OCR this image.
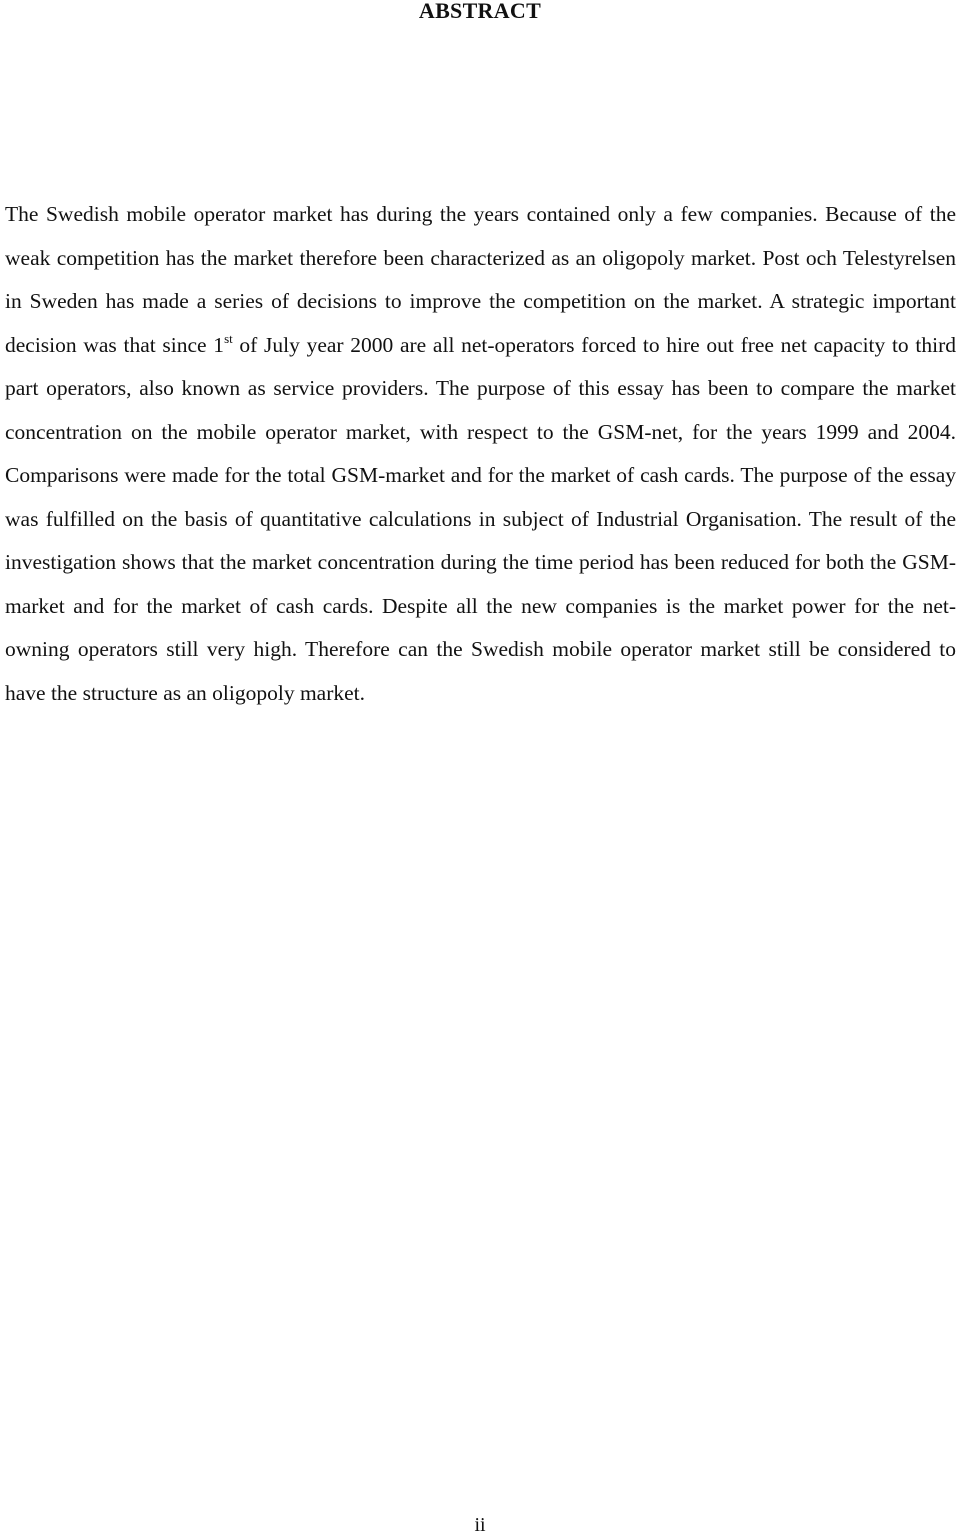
ABSTRACT

The Swedish mobile operator market has during the years contained only a few companies. Because of the weak competition has the market therefore been characterized as an oligopoly market. Post och Telestyrelsen in Sweden has made a series of decisions to improve the competition on the market. A strategic important decision was that since 1st of July year 2000 are all net-operators forced to hire out free net capacity to third part operators, also known as service providers. The purpose of this essay has been to compare the market concentration on the mobile operator market, with respect to the GSM-net, for the years 1999 and 2004. Comparisons were made for the total GSM-market and for the market of cash cards. The purpose of the essay was fulfilled on the basis of quantitative calculations in subject of Industrial Organisation. The result of the investigation shows that the market concentration during the time period has been reduced for both the GSM-market and for the market of cash cards. Despite all the new companies is the market power for the net-owning operators still very high. Therefore can the Swedish mobile operator market still be considered to have the structure as an oligopoly market.

ii
